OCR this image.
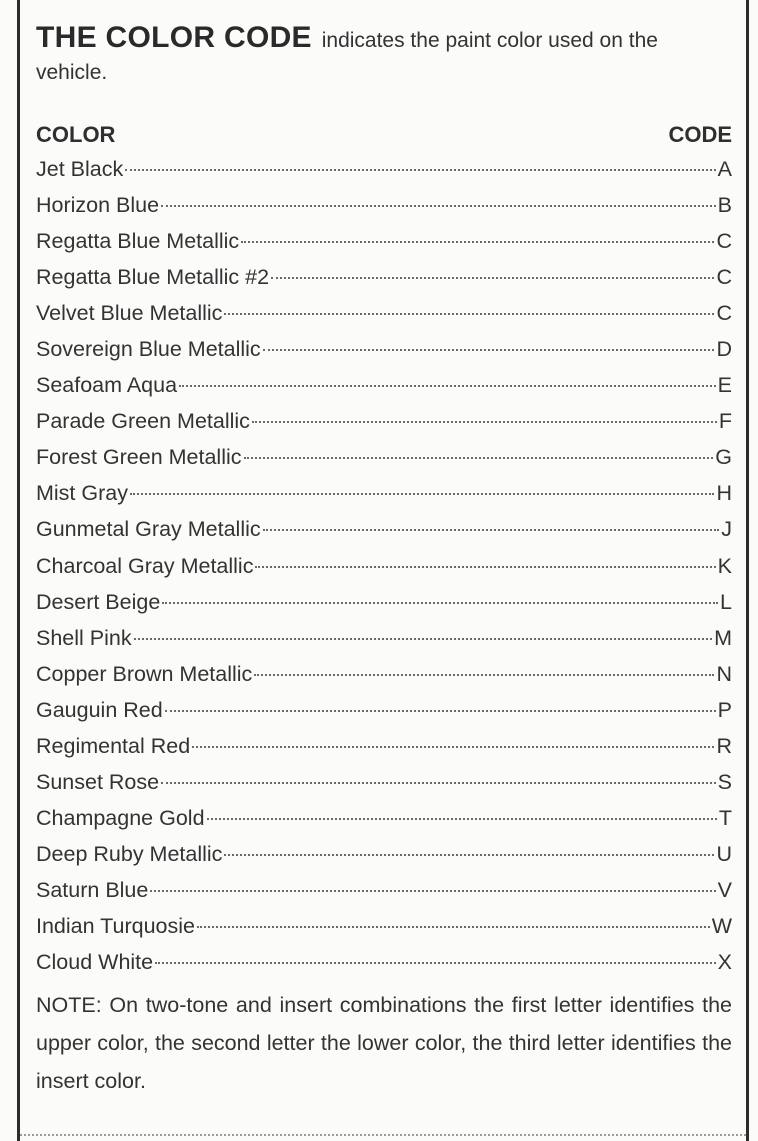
THE COLOR CODE indicates the paint color used on the vehicle.

COLOR	CODE
Jet Black	A
Horizon Blue	B
Regatta Blue Metallic	C
Regatta Blue Metallic #2	C
Velvet Blue Metallic	C
Sovereign Blue Metallic	D
Seafoam Aqua	E
Parade Green Metallic	F
Forest Green Metallic	G
Mist Gray	H
Gunmetal Gray Metallic	J
Charcoal Gray Metallic	K
Desert Beige	L
Shell Pink	M
Copper Brown Metallic	N
Gauguin Red	P
Regimental Red	R
Sunset Rose	S
Champagne Gold	T
Deep Ruby Metallic	U
Saturn Blue	V
Indian Turquosie	W
Cloud White	X

NOTE: On two-tone and insert combinations the first letter identifies the upper color, the second letter the lower color, the third letter identifies the insert color.
